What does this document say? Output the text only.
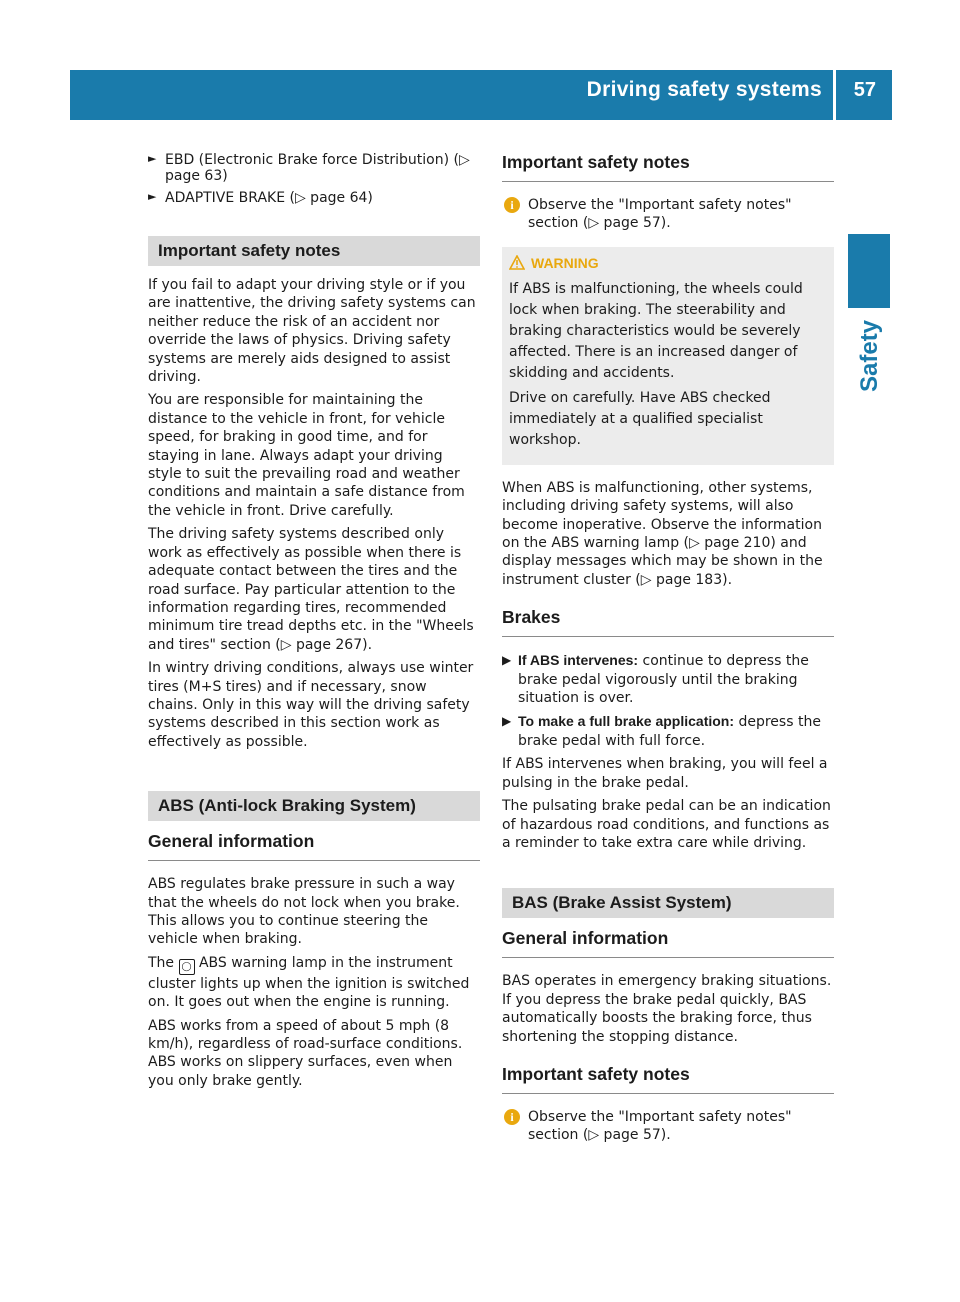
Driving safety systems 57
Safety
► EBD (Electronic Brake force Distribution) (▷ page 63)
► ADAPTIVE BRAKE (▷ page 64)
Important safety notes

If you fail to adapt your driving style or if you are inattentive, the driving safety systems can neither reduce the risk of an accident nor override the laws of physics. Driving safety systems are merely aids designed to assist driving.

You are responsible for maintaining the distance to the vehicle in front, for vehicle speed, for braking in good time, and for staying in lane. Always adapt your driving style to suit the prevailing road and weather conditions and maintain a safe distance from the vehicle in front. Drive carefully.

The driving safety systems described only work as effectively as possible when there is adequate contact between the tires and the road surface. Pay particular attention to the information regarding tires, recommended minimum tire tread depths etc. in the "Wheels and tires" section (▷ page 267).

In wintry driving conditions, always use winter tires (M+S tires) and if necessary, snow chains. Only in this way will the driving safety systems described in this section work as effectively as possible.

ABS (Anti-lock Braking System)
General information

ABS regulates brake pressure in such a way that the wheels do not lock when you brake. This allows you to continue steering the vehicle when braking.

The ◯ ABS warning lamp in the instrument cluster lights up when the ignition is switched on. It goes out when the engine is running.

ABS works from a speed of about 5 mph (8 km/h), regardless of road-surface conditions. ABS works on slippery surfaces, even when you only brake gently.

Important safety notes
i	Observe the "Important safety notes" section (▷ page 57).
WARNING

If ABS is malfunctioning, the wheels could lock when braking. The steerability and braking characteristics would be severely affected. There is an increased danger of skidding and accidents.

Drive on carefully. Have ABS checked immediately at a qualified specialist workshop.

When ABS is malfunctioning, other systems, including driving safety systems, will also become inoperative. Observe the information on the ABS warning lamp (▷ page 210) and display messages which may be shown in the instrument cluster (▷ page 183).

Brakes
▶ If ABS intervenes: continue to depress the brake pedal vigorously until the braking situation is over.
▶ To make a full brake application: depress the brake pedal with full force.

If ABS intervenes when braking, you will feel a pulsing in the brake pedal.

The pulsating brake pedal can be an indication of hazardous road conditions, and functions as a reminder to take extra care while driving.

BAS (Brake Assist System)
General information

BAS operates in emergency braking situations. If you depress the brake pedal quickly, BAS automatically boosts the braking force, thus shortening the stopping distance.

Important safety notes
i	Observe the "Important safety notes" section (▷ page 57).
